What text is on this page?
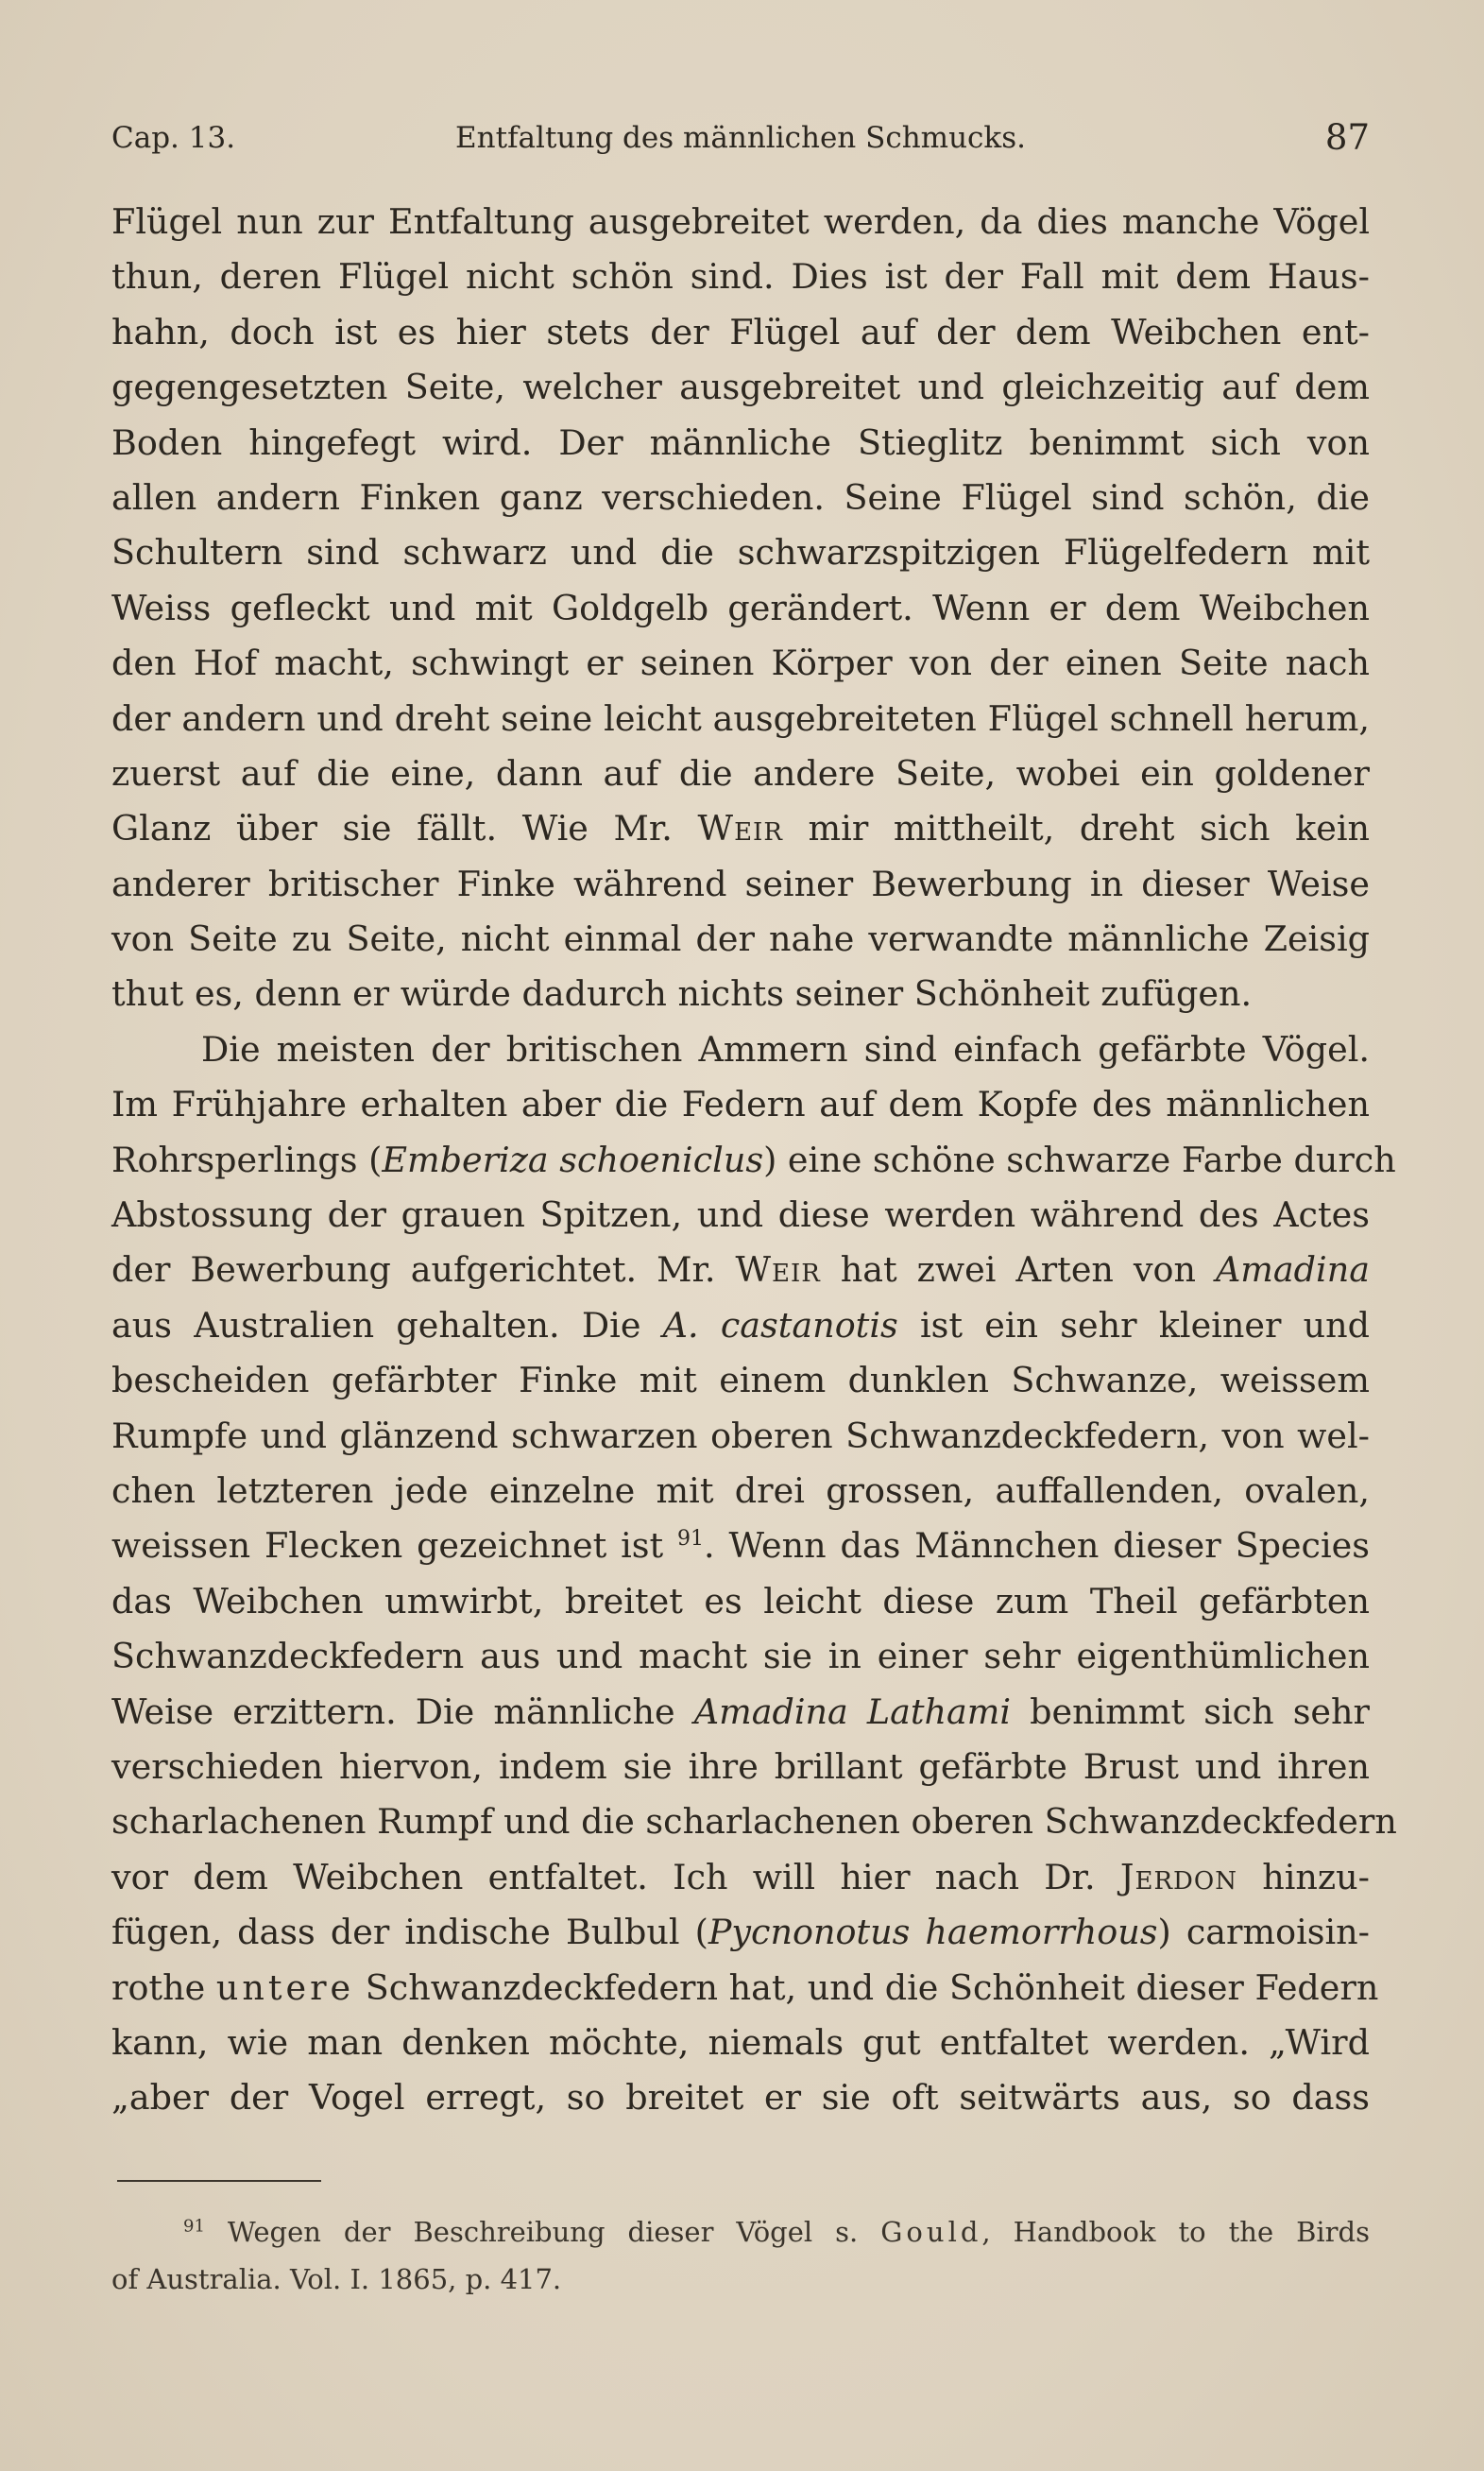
Cap. 13.	Entfaltung des männlichen Schmucks.	87
Flügel nun zur Entfaltung ausgebreitet werden, da dies manche Vögel
thun, deren Flügel nicht schön sind. Dies ist der Fall mit dem Haus-
hahn, doch ist es hier stets der Flügel auf der dem Weibchen ent-
gegengesetzten Seite, welcher ausgebreitet und gleichzeitig auf dem
Boden hingefegt wird. Der männliche Stieglitz benimmt sich von
allen andern Finken ganz verschieden. Seine Flügel sind schön, die
Schultern sind schwarz und die schwarzspitzigen Flügelfedern mit
Weiss gefleckt und mit Goldgelb gerändert. Wenn er dem Weibchen
den Hof macht, schwingt er seinen Körper von der einen Seite nach
der andern und dreht seine leicht ausgebreiteten Flügel schnell herum,
zuerst auf die eine, dann auf die andere Seite, wobei ein goldener
Glanz über sie fällt. Wie Mr. Weir mir mittheilt, dreht sich kein
anderer britischer Finke während seiner Bewerbung in dieser Weise
von Seite zu Seite, nicht einmal der nahe verwandte männliche Zeisig
thut es, denn er würde dadurch nichts seiner Schönheit zufügen.
Die meisten der britischen Ammern sind einfach gefärbte Vögel.
Im Frühjahre erhalten aber die Federn auf dem Kopfe des männlichen
Rohrsperlings (Emberiza schoeniclus) eine schöne schwarze Farbe durch
Abstossung der grauen Spitzen, und diese werden während des Actes
der Bewerbung aufgerichtet. Mr. Weir hat zwei Arten von Amadina
aus Australien gehalten. Die A. castanotis ist ein sehr kleiner und
bescheiden gefärbter Finke mit einem dunklen Schwanze, weissem
Rumpfe und glänzend schwarzen oberen Schwanzdeckfedern, von wel-
chen letzteren jede einzelne mit drei grossen, auffallenden, ovalen,
weissen Flecken gezeichnet ist $^{91}$. Wenn das Männchen dieser Species
das Weibchen umwirbt, breitet es leicht diese zum Theil gefärbten
Schwanzdeckfedern aus und macht sie in einer sehr eigenthümlichen
Weise erzittern. Die männliche Amadina Lathami benimmt sich sehr
verschieden hiervon, indem sie ihre brillant gefärbte Brust und ihren
scharlachenen Rumpf und die scharlachenen oberen Schwanzdeckfedern
vor dem Weibchen entfaltet. Ich will hier nach Dr. Jerdon hinzu-
fügen, dass der indische Bulbul (Pycnonotus haemorrhous) carmoisin-
rothe untere Schwanzdeckfedern hat, und die Schönheit dieser Federn
kann, wie man denken möchte, niemals gut entfaltet werden. „Wird
„aber der Vogel erregt, so breitet er sie oft seitwärts aus, so dass
$^{91}$ Wegen der Beschreibung dieser Vögel s. Gould, Handbook to the Birds
of Australia. Vol. I. 1865, p. 417.
